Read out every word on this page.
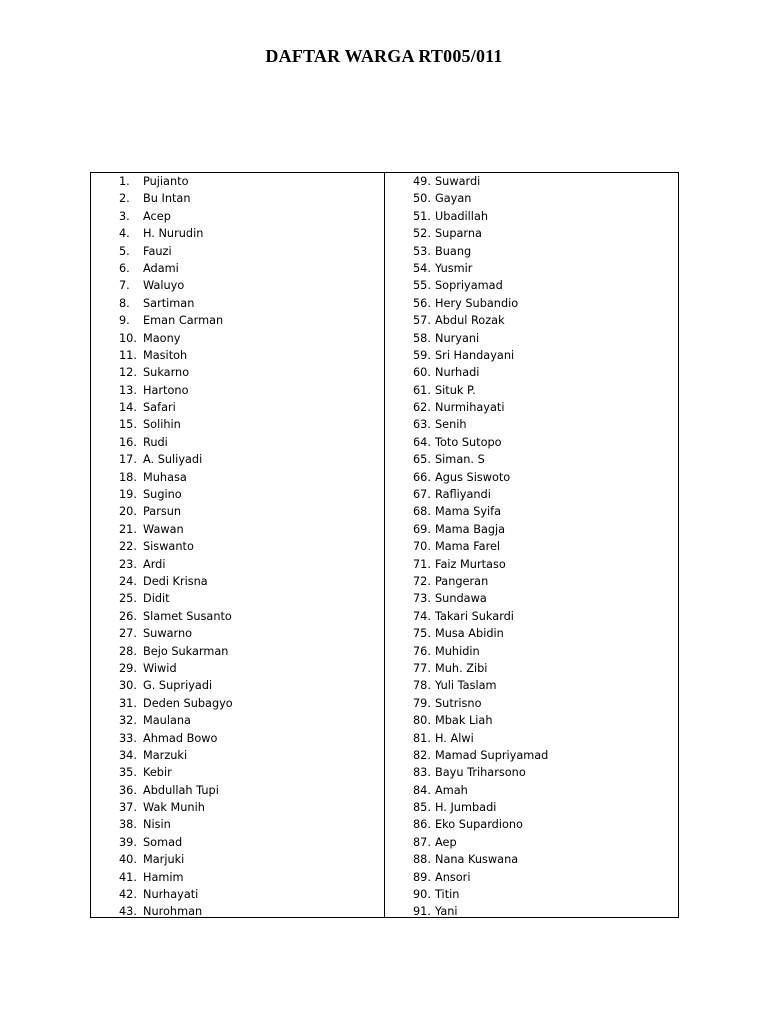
DAFTAR WARGA RT005/011
1.	Pujianto
2.	Bu Intan
3.	Acep
4.	H. Nurudin
5.	Fauzi
6.	Adami
7.	Waluyo
8.	Sartiman
9.	Eman Carman
10. Maony
11. Masitoh
12. Sukarno
13. Hartono
14. Safari
15. Solihin
16. Rudi
17. A. Suliyadi
18. Muhasa
19. Sugino
20. Parsun
21. Wawan
22. Siswanto
23. Ardi
24. Dedi Krisna
25. Didit
26. Slamet Susanto
27. Suwarno
28. Bejo Sukarman
29. Wiwid
30. G. Supriyadi
31. Deden Subagyo
32. Maulana
33. Ahmad Bowo
34. Marzuki
35. Kebir
36. Abdullah Tupi
37. Wak Munih
38. Nisin
39. Somad
40. Marjuki
41. Hamim
42. Nurhayati
43. Nurohman
49. Suwardi
50. Gayan
51. Ubadillah
52. Suparna
53. Buang
54. Yusmir
55. Sopriyamad
56. Hery Subandio
57. Abdul Rozak
58. Nuryani
59. Sri Handayani
60. Nurhadi
61. Situk P.
62. Nurmihayati
63. Senih
64. Toto Sutopo
65. Siman. S
66. Agus Siswoto
67. Rafliyandi
68. Mama Syifa
69. Mama Bagja
70. Mama Farel
71. Faiz Murtaso
72. Pangeran
73. Sundawa
74. Takari Sukardi
75. Musa Abidin
76. Muhidin
77. Muh. Zibi
78. Yuli Taslam
79. Sutrisno
80. Mbak Liah
81. H. Alwi
82. Mamad Supriyamad
83. Bayu Triharsono
84. Amah
85. H. Jumbadi
86. Eko Supardiono
87. Aep
88. Nana Kuswana
89. Ansori
90. Titin
91. Yani
